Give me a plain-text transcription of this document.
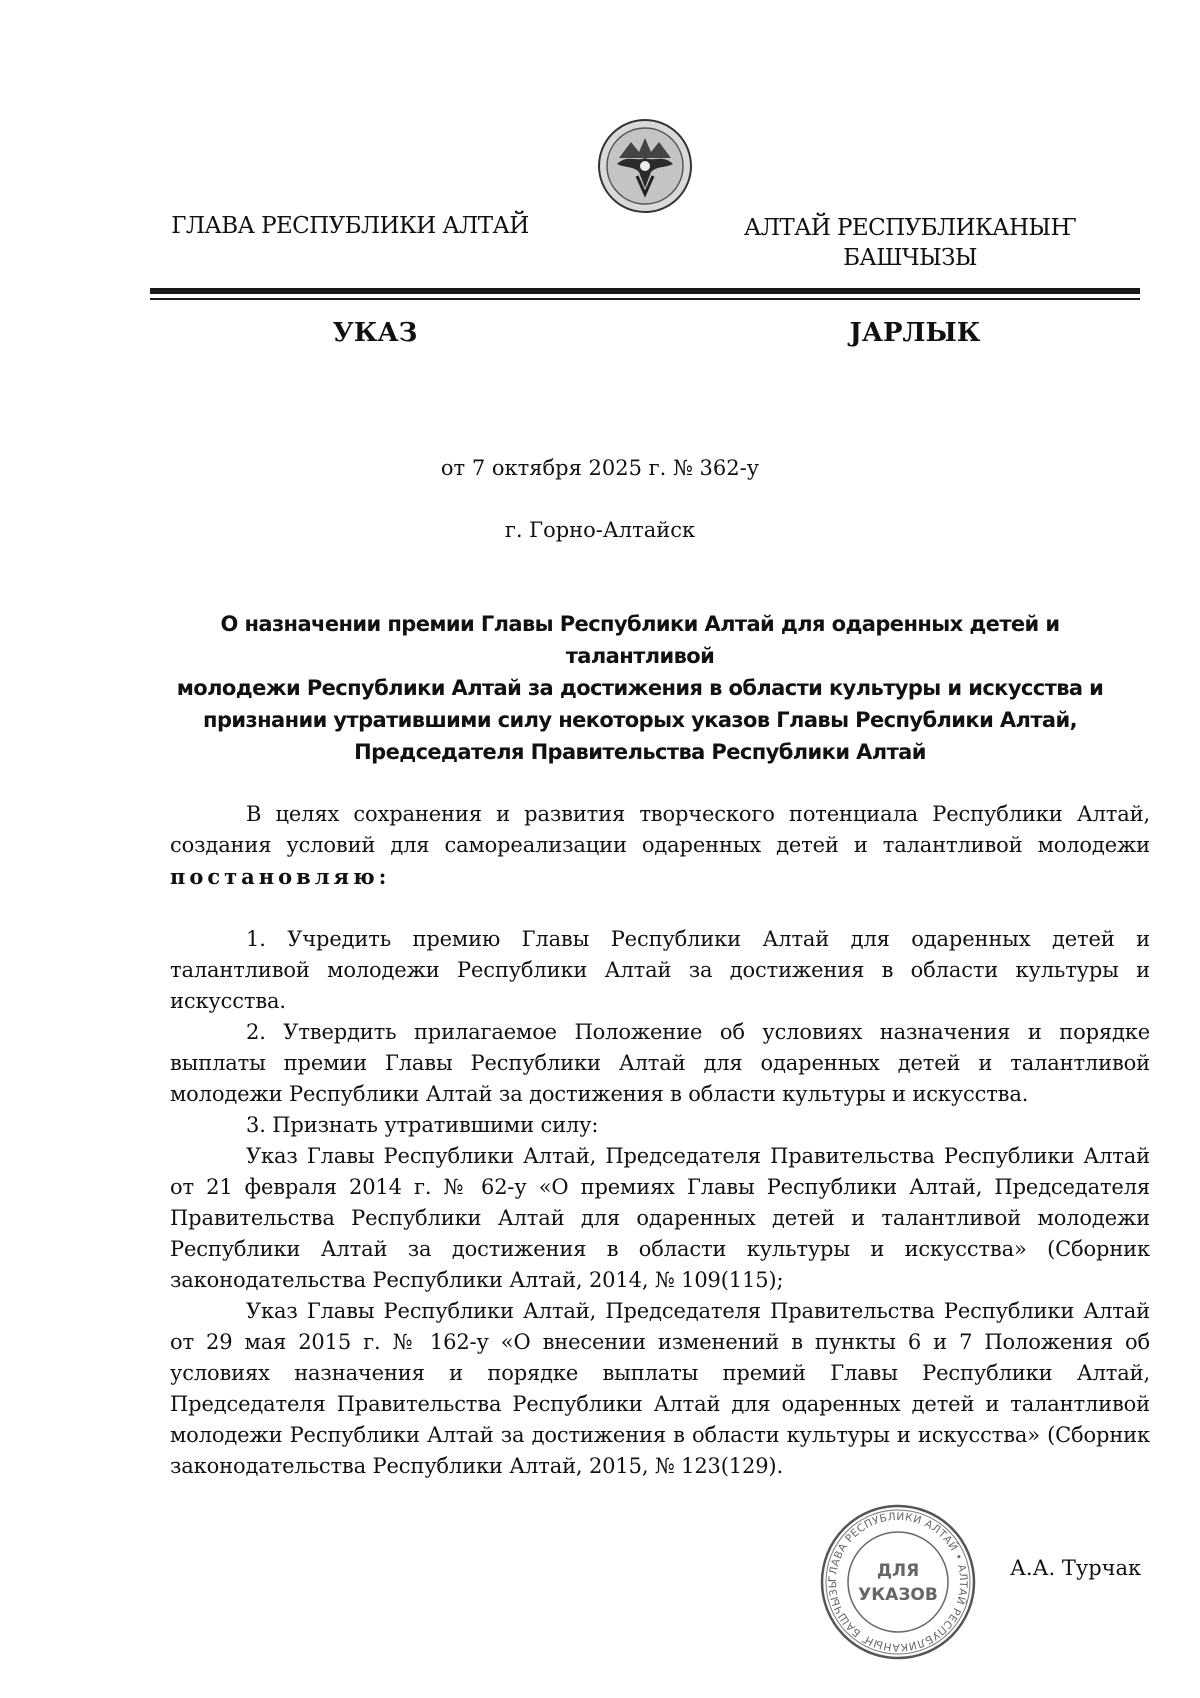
ГЛАВА РЕСПУБЛИКИ АЛТАЙ	АЛТАЙ РЕСПУБЛИКАНЫҤ
БАШЧЫЗЫ
УКАЗ	ЈАРЛЫК
от 7 октября 2025 г. № 362-у
г. Горно-Алтайск
О назначении премии Главы Республики Алтай для одаренных детей и талантливой
молодежи Республики Алтай за достижения в области культуры и искусства и
признании утратившими силу некоторых указов Главы Республики Алтай,
Председателя Правительства Республики Алтай

В целях сохранения и развития творческого потенциала Республики Алтай, создания условий для самореализации одаренных детей и талантливой молодежи постановляю:

1. Учредить премию Главы Республики Алтай для одаренных детей и талантливой молодежи Республики Алтай за достижения в области культуры и искусства.

2. Утвердить прилагаемое Положение об условиях назначения и порядке выплаты премии Главы Республики Алтай для одаренных детей и талантливой молодежи Республики Алтай за достижения в области культуры и искусства.

3. Признать утратившими силу:

Указ Главы Республики Алтай, Председателя Правительства Республики Алтай от 21 февраля 2014 г. № 62-у «О премиях Главы Республики Алтай, Председателя Правительства Республики Алтай для одаренных детей и талантливой молодежи Республики Алтай за достижения в области культуры и искусства» (Сборник законодательства Республики Алтай, 2014, № 109(115);

Указ Главы Республики Алтай, Председателя Правительства Республики Алтай от 29 мая 2015 г. № 162-у «О внесении изменений в пункты 6 и 7 Положения об условиях назначения и порядке выплаты премий Главы Республики Алтай, Председателя Правительства Республики Алтай для одаренных детей и талантливой молодежи Республики Алтай за достижения в области культуры и искусства» (Сборник законодательства Республики Алтай, 2015, № 123(129).

ГЛАВА РЕСПУБЛИКИ АЛТАЙ • АЛТАЙ РЕСПУБЛИКАНЫҤ БАШЧЫЗЫ
ДЛЯ
УКАЗОВ
А.А. Турчак
